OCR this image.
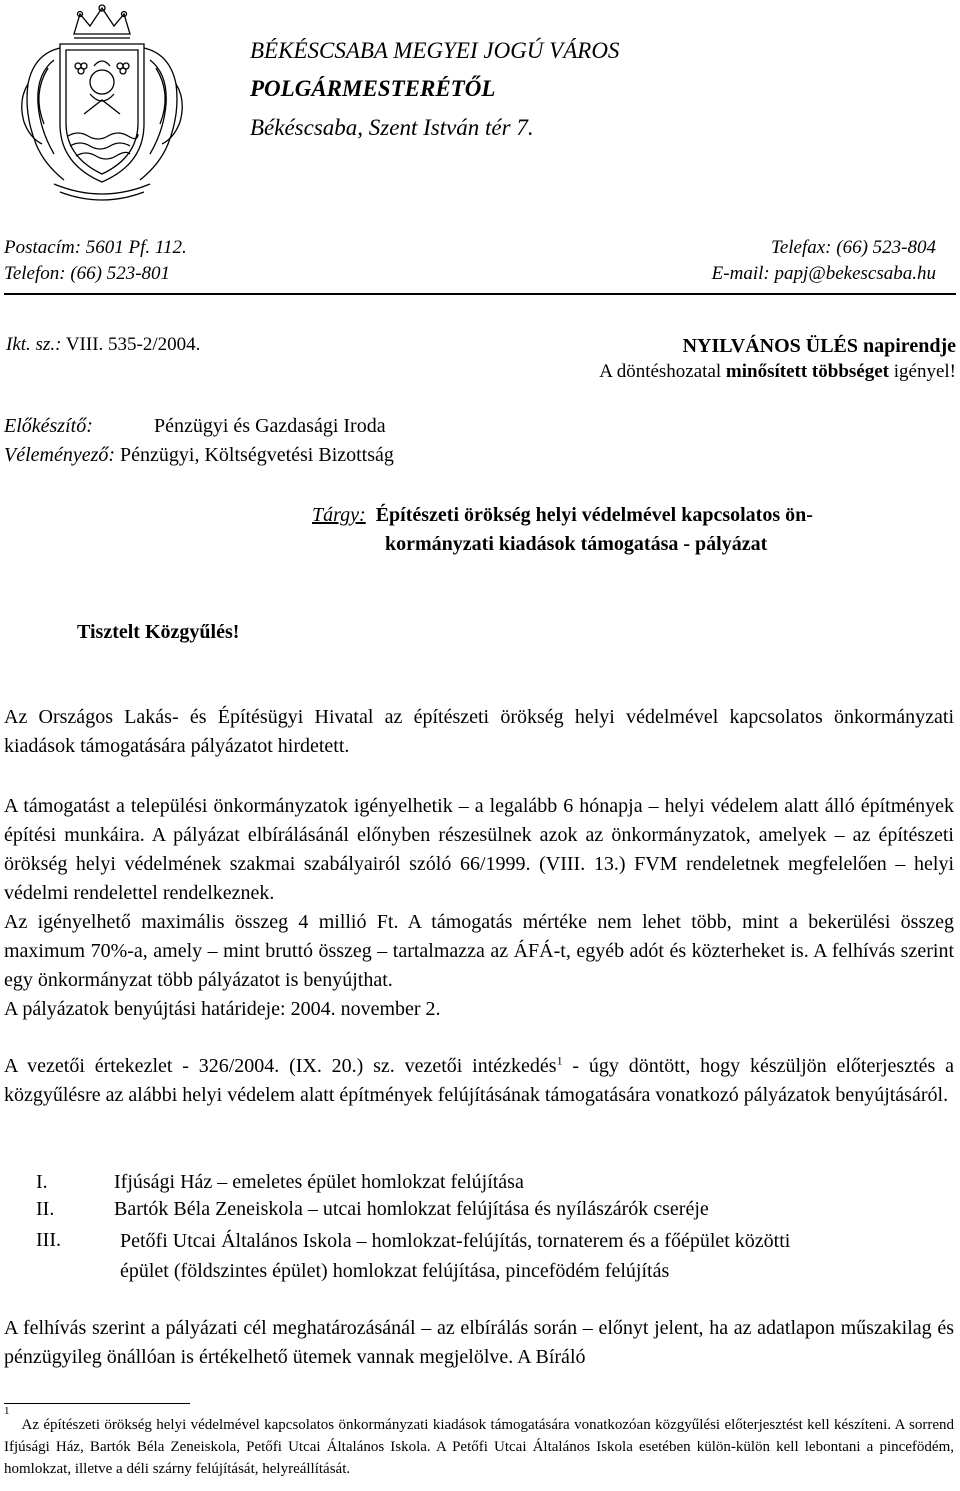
BÉKÉSCSABA MEGYEI JOGÚ VÁROS
POLGÁRMESTERÉTŐL
Békéscsaba, Szent István tér 7.
Postacím: 5601 Pf. 112.
Telefon: (66) 523-801
Telefax: (66) 523-804
E-mail: papj@bekescsaba.hu
Ikt. sz.: VIII. 535-2/2004.	NYILVÁNOS ÜLÉS napirendje
A döntéshozatal minősített többséget igényel!
Előkészítő:	Pénzügyi és Gazdasági Iroda
Véleményező: Pénzügyi, Költségvetési Bizottság
Tárgy: Építészeti örökség helyi védelmével kapcsolatos ön-
kormányzati kiadások támogatása - pályázat
Tisztelt Közgyűlés!

Az Országos Lakás- és Építésügyi Hivatal az építészeti örökség helyi védelmével kapcsolatos önkormányzati kiadások támogatására pályázatot hirdetett.

A támogatást a települési önkormányzatok igényelhetik – a legalább 6 hónapja – helyi védelem alatt álló építmények építési munkáira. A pályázat elbírálásánál előnyben részesülnek azok az önkormányzatok, amelyek – az építészeti örökség helyi védelmének szakmai szabályairól szóló 66/1999. (VIII. 13.) FVM rendeletnek megfelelően – helyi védelmi rendelettel rendelkeznek.

Az igényelhető maximális összeg 4 millió Ft. A támogatás mértéke nem lehet több, mint a bekerülési összeg maximum 70%-a, amely – mint bruttó összeg – tartalmazza az ÁFÁ-t, egyéb adót és közterheket is. A felhívás szerint egy önkormányzat több pályázatot is benyújthat.

A pályázatok benyújtási határideje: 2004. november 2.

A vezetői értekezlet - 326/2004. (IX. 20.) sz. vezetői intézkedés$^1$ - úgy döntött, hogy készüljön előterjesztés a közgyűlésre az alábbi helyi védelem alatt építmények felújításának támogatására vonatkozó pályázatok benyújtásáról.

I.	Ifjúsági Ház – emeletes épület homlokzat felújítása
II.	Bartók Béla Zeneiskola – utcai homlokzat felújítása és nyílászárók cseréje
III.	Petőfi Utcai Általános Iskola – homlokzat-felújítás, tornaterem és a főépület közötti
épület (földszintes épület) homlokzat felújítása, pincefödém felújítás

A felhívás szerint a pályázati cél meghatározásánál – az elbírálás során – előnyt jelent, ha az adatlapon műszakilag és pénzügyileg önállóan is értékelhető ütemek vannak megjelölve. A Bíráló

$^1$Az építészeti örökség helyi védelmével kapcsolatos önkormányzati kiadások támogatására vonatkozóan közgyűlési előterjesztést kell készíteni. A sorrend Ifjúsági Ház, Bartók Béla Zeneiskola, Petőfi Utcai Általános Iskola. A Petőfi Utcai Általános Iskola esetében külön-külön kell lebontani a pincefödém, homlokzat, illetve a déli szárny felújítását, helyreállítását.
